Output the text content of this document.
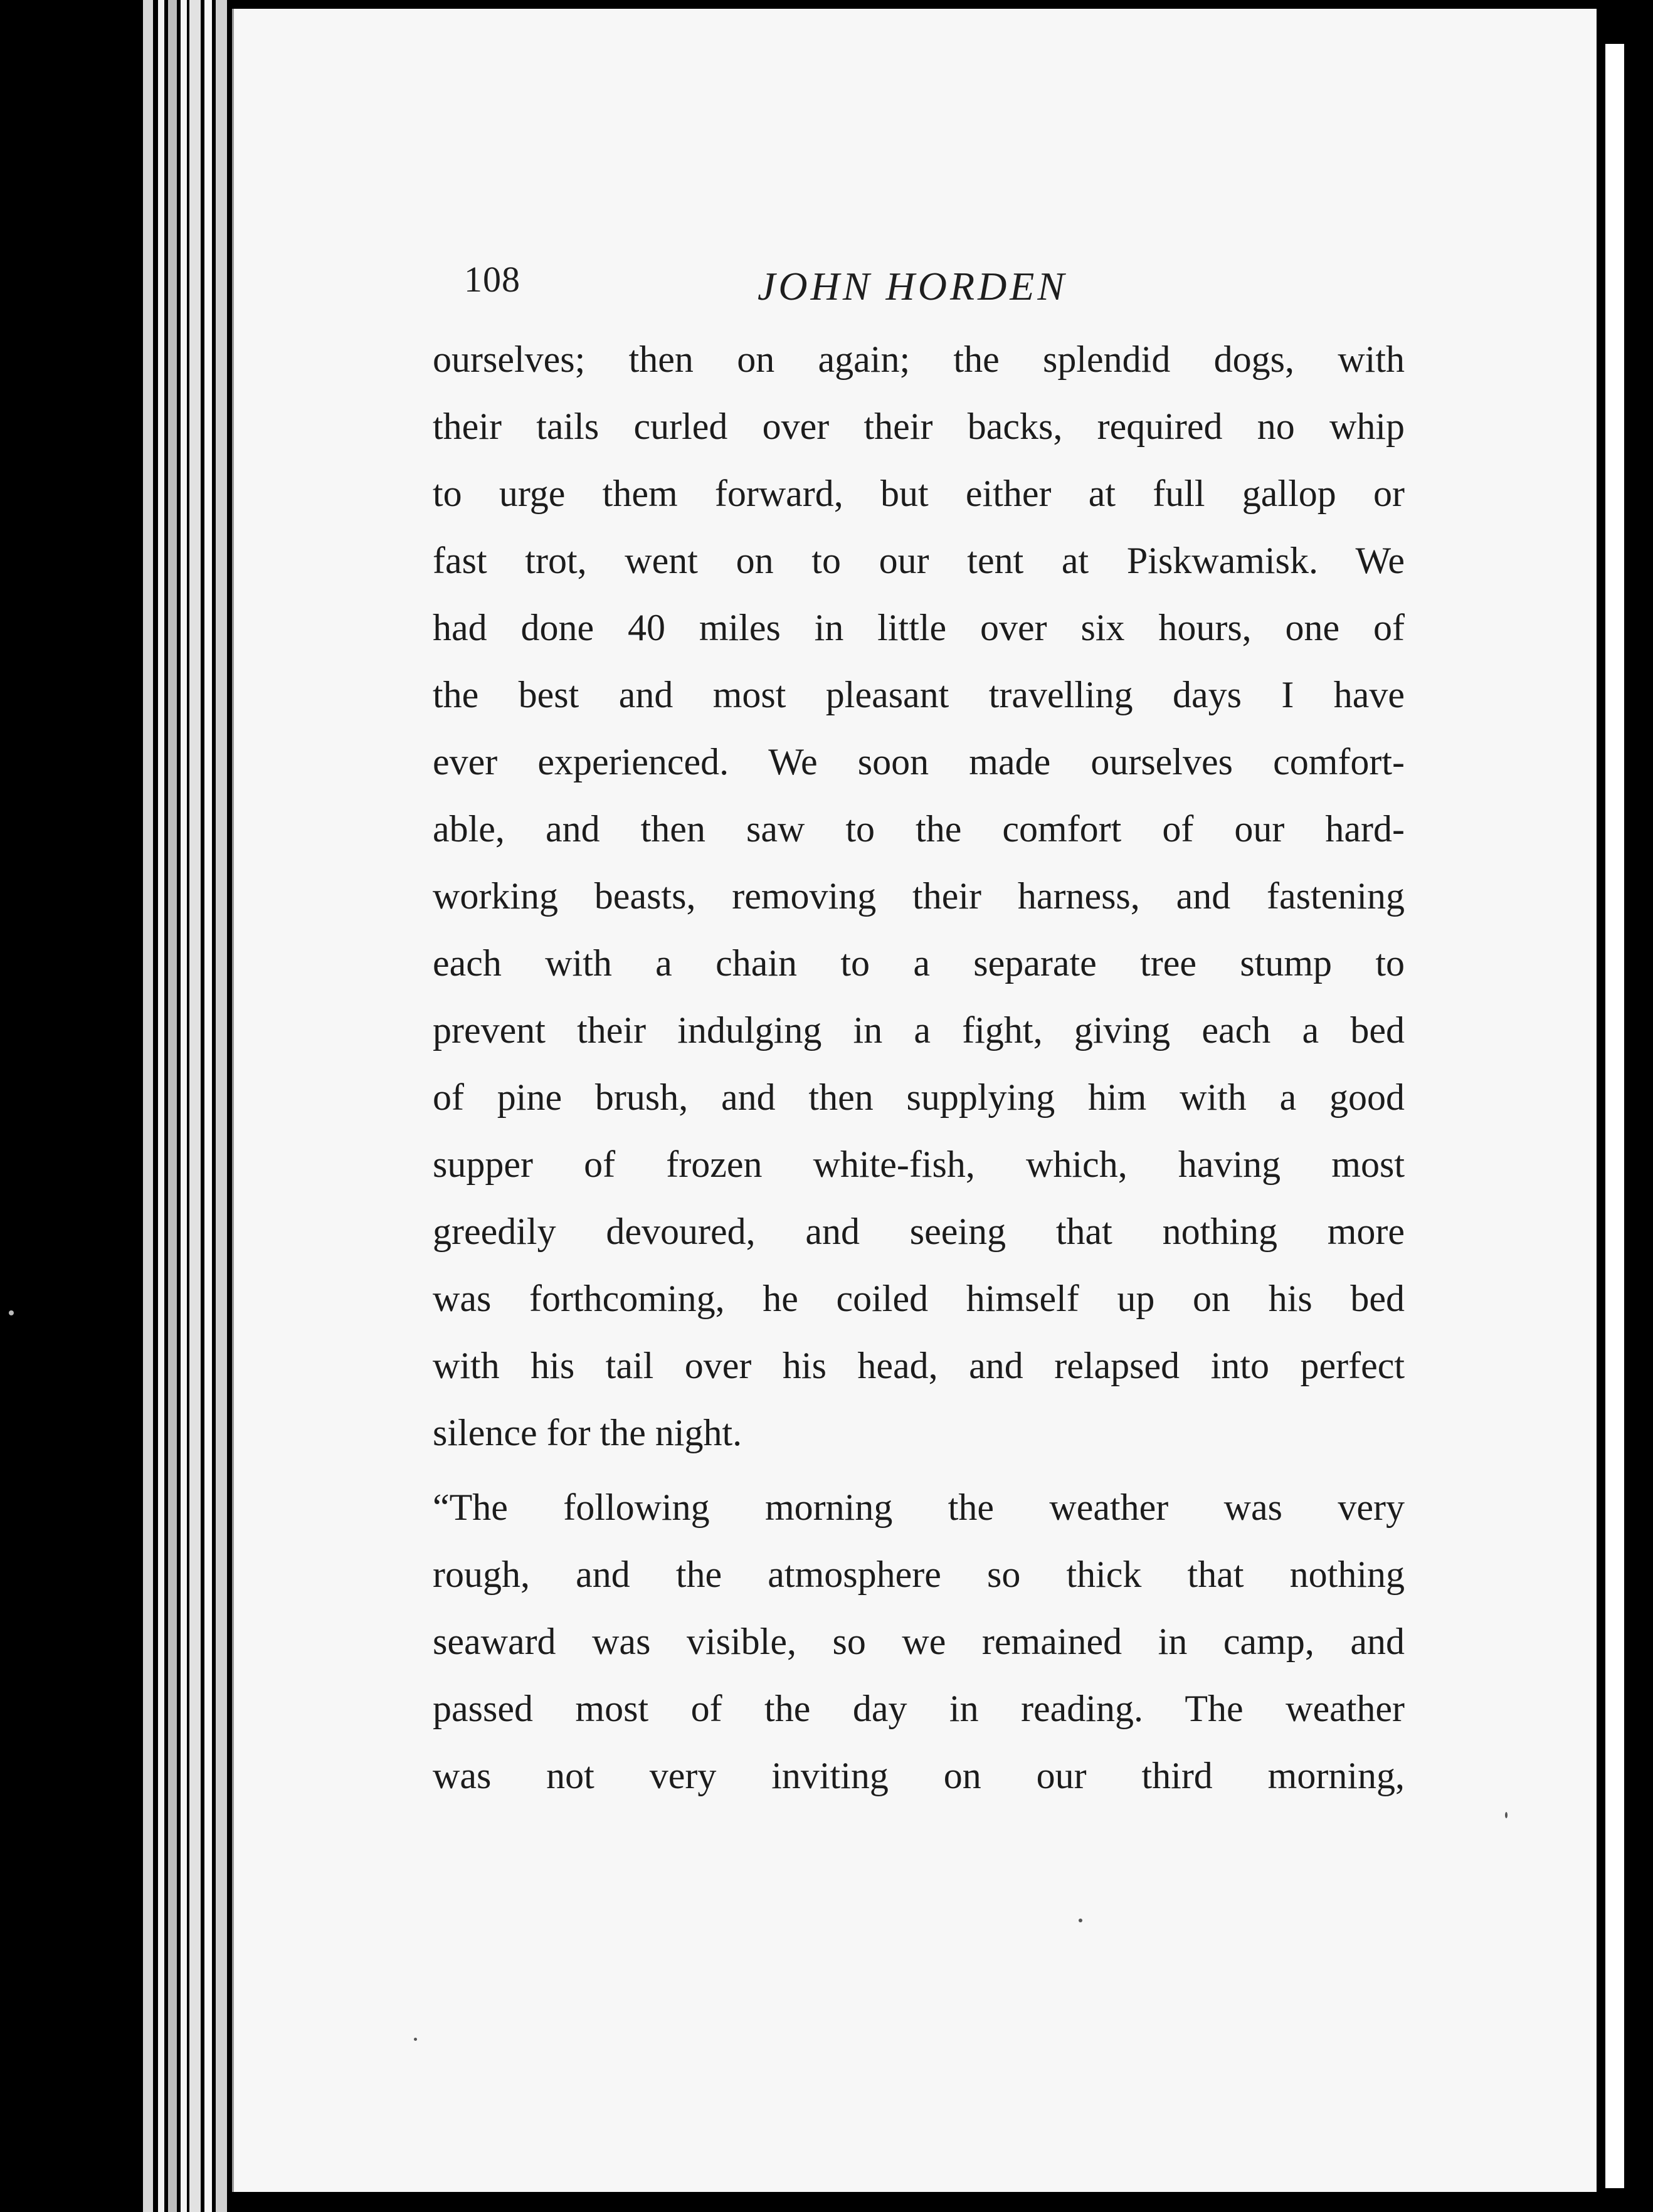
108	JOHN HORDEN
ourselves; then on again; the splendid dogs, with
their tails curled over their backs, required no whip
to urge them forward, but either at full gallop or
fast trot, went on to our tent at Piskwamisk. We
had done 40 miles in little over six hours, one of
the best and most pleasant travelling days I have
ever experienced. We soon made ourselves comfort-
able, and then saw to the comfort of our hard-
working beasts, removing their harness, and fastening
each with a chain to a separate tree stump to
prevent their indulging in a fight, giving each a bed
of pine brush, and then supplying him with a good
supper of frozen white-fish, which, having most
greedily devoured, and seeing that nothing more
was forthcoming, he coiled himself up on his bed
with his tail over his head, and relapsed into perfect
silence for the night.
“The following morning the weather was very
rough, and the atmosphere so thick that nothing
seaward was visible, so we remained in camp, and
passed most of the day in reading. The weather
was not very inviting on our third morning,
